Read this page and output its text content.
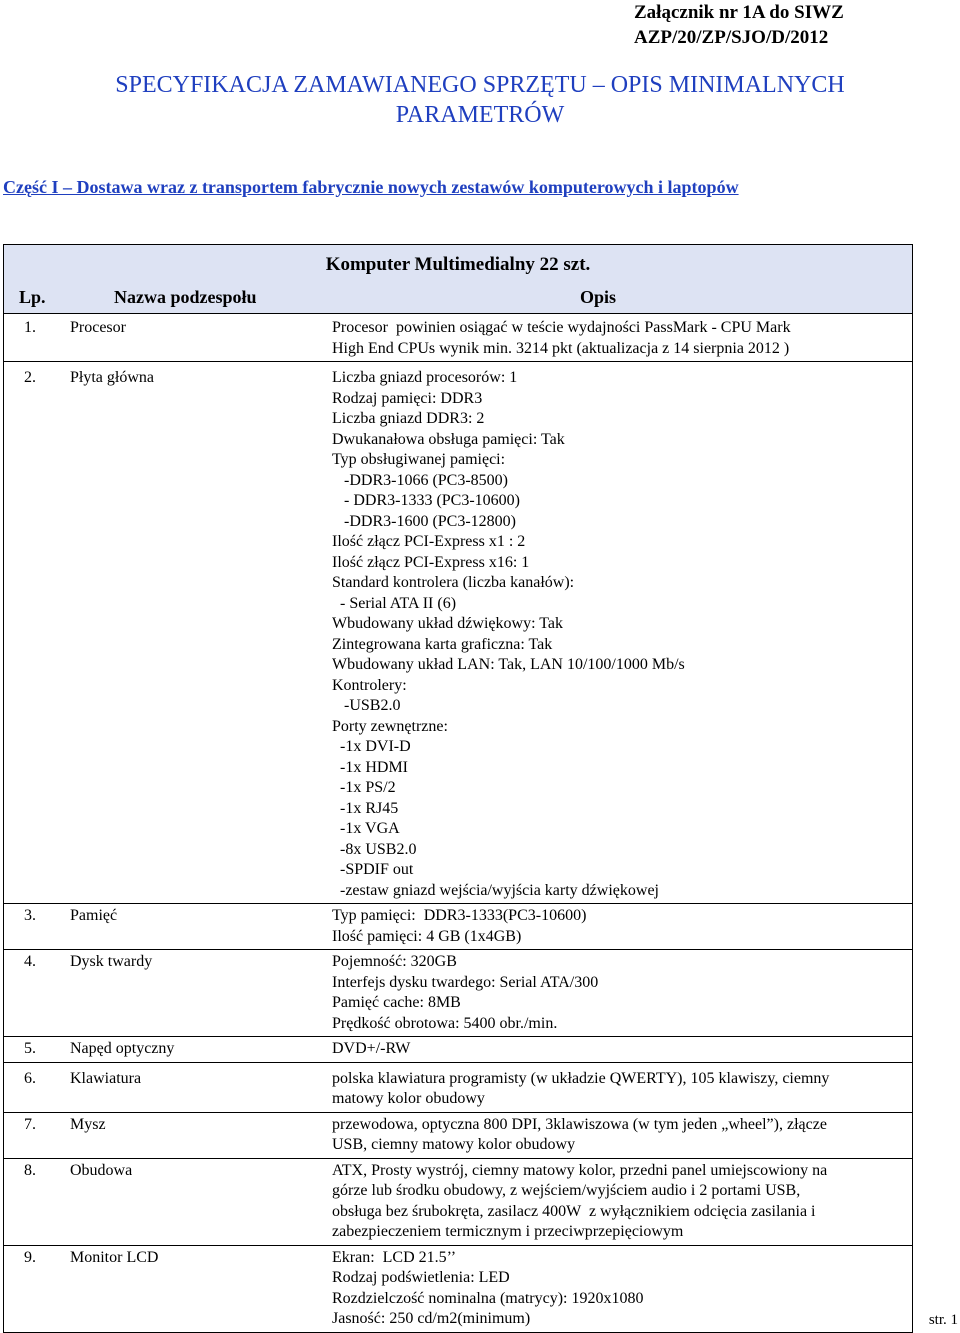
Załącznik nr 1A do SIWZ
AZP/20/ZP/SJO/D/2012
SPECYFIKACJA ZAMAWIANEGO SPRZĘTU – OPIS MINIMALNYCH
PARAMETRÓW
Część I – Dostawa wraz z transportem fabrycznie nowych zestawów komputerowych i laptopów
Komputer Multimedialny 22 szt.
Lp.	Nazwa podzespołu	Opis
1.	Procesor	Procesor  powinien osiągać w teście wydajności PassMark - CPU Mark
High End CPUs wynik min. 3214 pkt (aktualizacja z 14 sierpnia 2012 )
2.	Płyta główna	Liczba gniazd procesorów: 1
Rodzaj pamięci: DDR3
Liczba gniazd DDR3: 2
Dwukanałowa obsługa pamięci: Tak
Typ obsługiwanej pamięci:
-DDR3-1066 (PC3-8500)
- DDR3-1333 (PC3-10600)
-DDR3-1600 (PC3-12800)
Ilość złącz PCI-Express x1 : 2
Ilość złącz PCI-Express x16: 1
Standard kontrolera (liczba kanałów):
- Serial ATA II (6)
Wbudowany układ dźwiękowy: Tak
Zintegrowana karta graficzna: Tak
Wbudowany układ LAN: Tak, LAN 10/100/1000 Mb/s
Kontrolery:
-USB2.0
Porty zewnętrzne:
-1x DVI-D
-1x HDMI
-1x PS/2
-1x RJ45
-1x VGA
-8x USB2.0
-SPDIF out
-zestaw gniazd wejścia/wyjścia karty dźwiękowej
3.	Pamięć	Typ pamięci:  DDR3-1333(PC3-10600)
Ilość pamięci: 4 GB (1x4GB)
4.	Dysk twardy	Pojemność: 320GB
Interfejs dysku twardego: Serial ATA/300
Pamięć cache: 8MB
Prędkość obrotowa: 5400 obr./min.
5.	Napęd optyczny	DVD+/-RW
6.	Klawiatura	polska klawiatura programisty (w układzie QWERTY), 105 klawiszy, ciemny
matowy kolor obudowy
7.	Mysz	przewodowa, optyczna 800 DPI, 3klawiszowa (w tym jeden „wheel”), złącze
USB, ciemny matowy kolor obudowy
8.	Obudowa	ATX, Prosty wystrój, ciemny matowy kolor, przedni panel umiejscowiony na
górze lub środku obudowy, z wejściem/wyjściem audio i 2 portami USB,
obsługa bez śrubokręta, zasilacz 400W  z wyłącznikiem odcięcia zasilania i
zabezpieczeniem termicznym i przeciwprzepięciowym
9.	Monitor LCD	Ekran:  LCD 21.5’’
Rodzaj podświetlenia: LED
Rozdzielczość nominalna (matrycy): 1920x1080
Jasność: 250 cd/m2(minimum)	str. 1
